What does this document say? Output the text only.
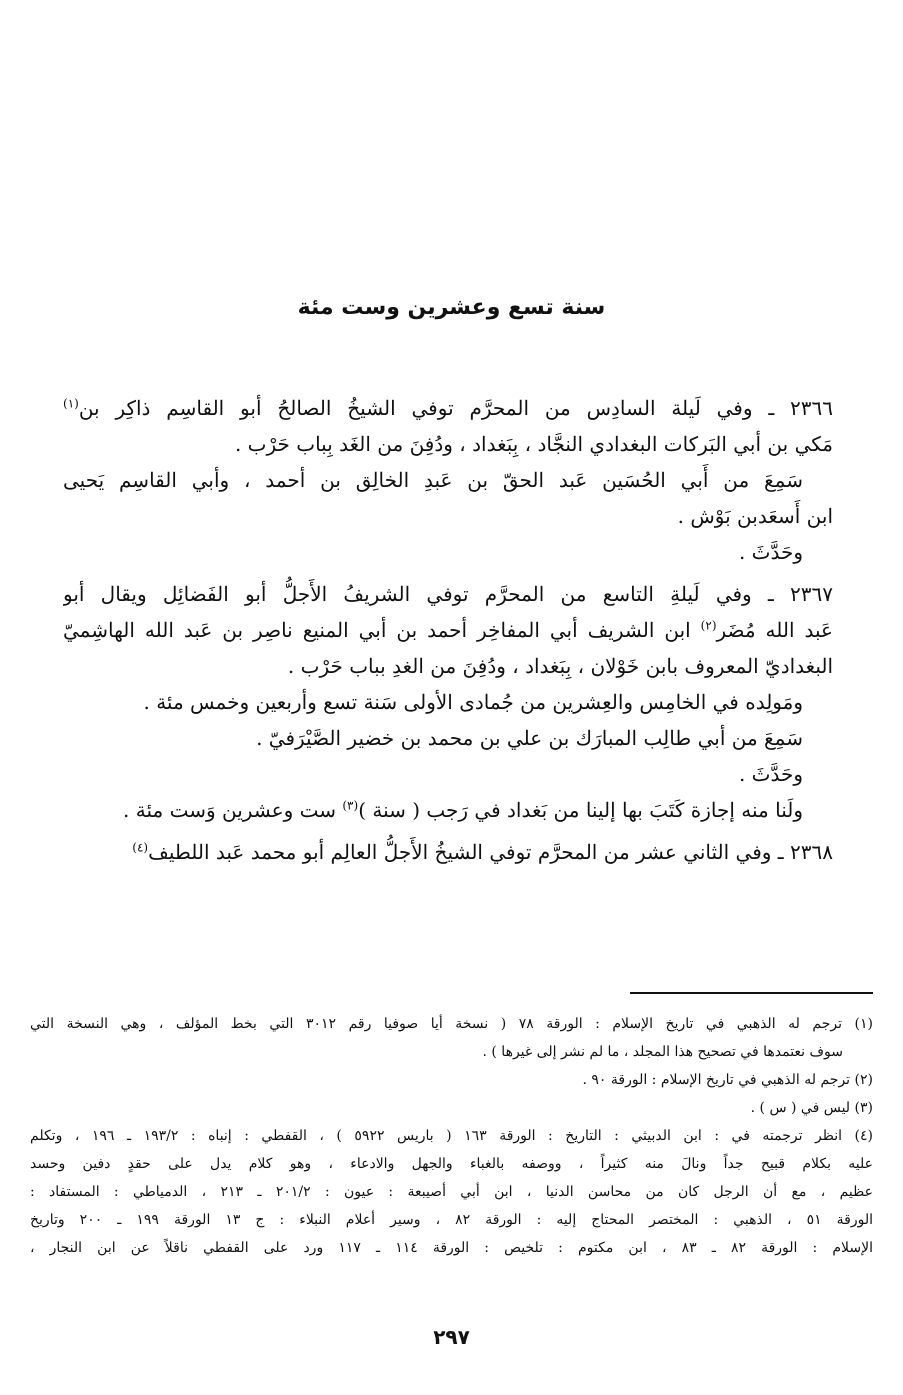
سنة تسع وعشرين وست مئة
٢٣٦٦ ـ وفي لَيلة السادِس من المحرَّم توفي الشيخُ الصالحُ أبو القاسِم ذاكِر بن$^{(١)}$
مَكي بن أبي البَركات البغدادي النجَّاد ، بِبَغداد ، ودُفِنَ من الغَد بِباب حَرْب .
سَمِعَ من أَبي الحُسَين عَبد الحقّ بن عَبدِ الخالِق بن أحمد ، وأبي القاسِم يَحيى
ابن أَسعَدبن بَوْش .
وحَدَّثَ .
٢٣٦٧ ـ وفي لَيلةِ التاسع من المحرَّم توفي الشريفُ الأَجلُّ أبو الفَضائِل ويقال أبو
عَبد الله مُضَر$^{(٢)}$ ابن الشريف أبي المفاخِر أحمد بن أبي المنيع ناصِر بن عَبد الله الهاشِميّ
البغداديّ المعروف بابن خَوْلان ، بِبَغداد ، ودُفِنَ من الغدِ بباب حَرْب .
ومَولِده في الخامِس والعِشرين من جُمادى الأولى سَنة تسع وأربعين وخمس مئة .
سَمِعَ من أبي طالِب المبارَك بن علي بن محمد بن خضير الصَّيْرَفيّ .
وحَدَّثَ .
ولَنا منه إجازة كَتَبَ بها إلينا من بَغداد في رَجب ( سنة )$^{(٣)}$ ست وعشرين وَست مئة .
٢٣٦٨ ـ وفي الثاني عشر من المحرَّم توفي الشيخُ الأَجلُّ العالِم أبو محمد عَبد اللطيف$^{(٤)}$
(١) ترجم له الذهبي في تاريخ الإسلام : الورقة ٧٨ ( نسخة أيا صوفيا رقم ٣٠١٢ التي بخط المؤلف ، وهي النسخة التي
سوف نعتمدها في تصحيح هذا المجلد ، ما لم نشر إلى غيرها ) .
(٢) ترجم له الذهبي في تاريخ الإسلام : الورقة ٩٠ .
(٣) ليس في ( س ) .
(٤) انظر ترجمته في : ابن الدبيثي : التاريخ : الورقة ١٦٣ ( باريس ٥٩٢٢ ) ، القفطي : إنباه : ١٩٣/٢ ـ ١٩٦ ، وتكلم
عليه بكلام قبيح جداً ونالَ منه كثيراً ، ووصفه بالغباء والجهل والادعاء ، وهو كلام يدل على حقدٍ دفين وحسد
عظيم ، مع أن الرجل كان من محاسن الدنيا ، ابن أبي أصيبعة : عيون : ٢٠١/٢ ـ ٢١٣ ، الدمياطي : المستفاد :
الورقة ٥١ ، الذهبي : المختصر المحتاج إليه : الورقة ٨٢ ، وسير أعلام النبلاء : ج ١٣ الورقة ١٩٩ ـ ٢٠٠ وتاريخ
الإسلام : الورقة ٨٢ ـ ٨٣ ، ابن مكتوم : تلخيص : الورقة ١١٤ ـ ١١٧ ورد على القفطي ناقلاً عن ابن النجار ،
٢٩٧
